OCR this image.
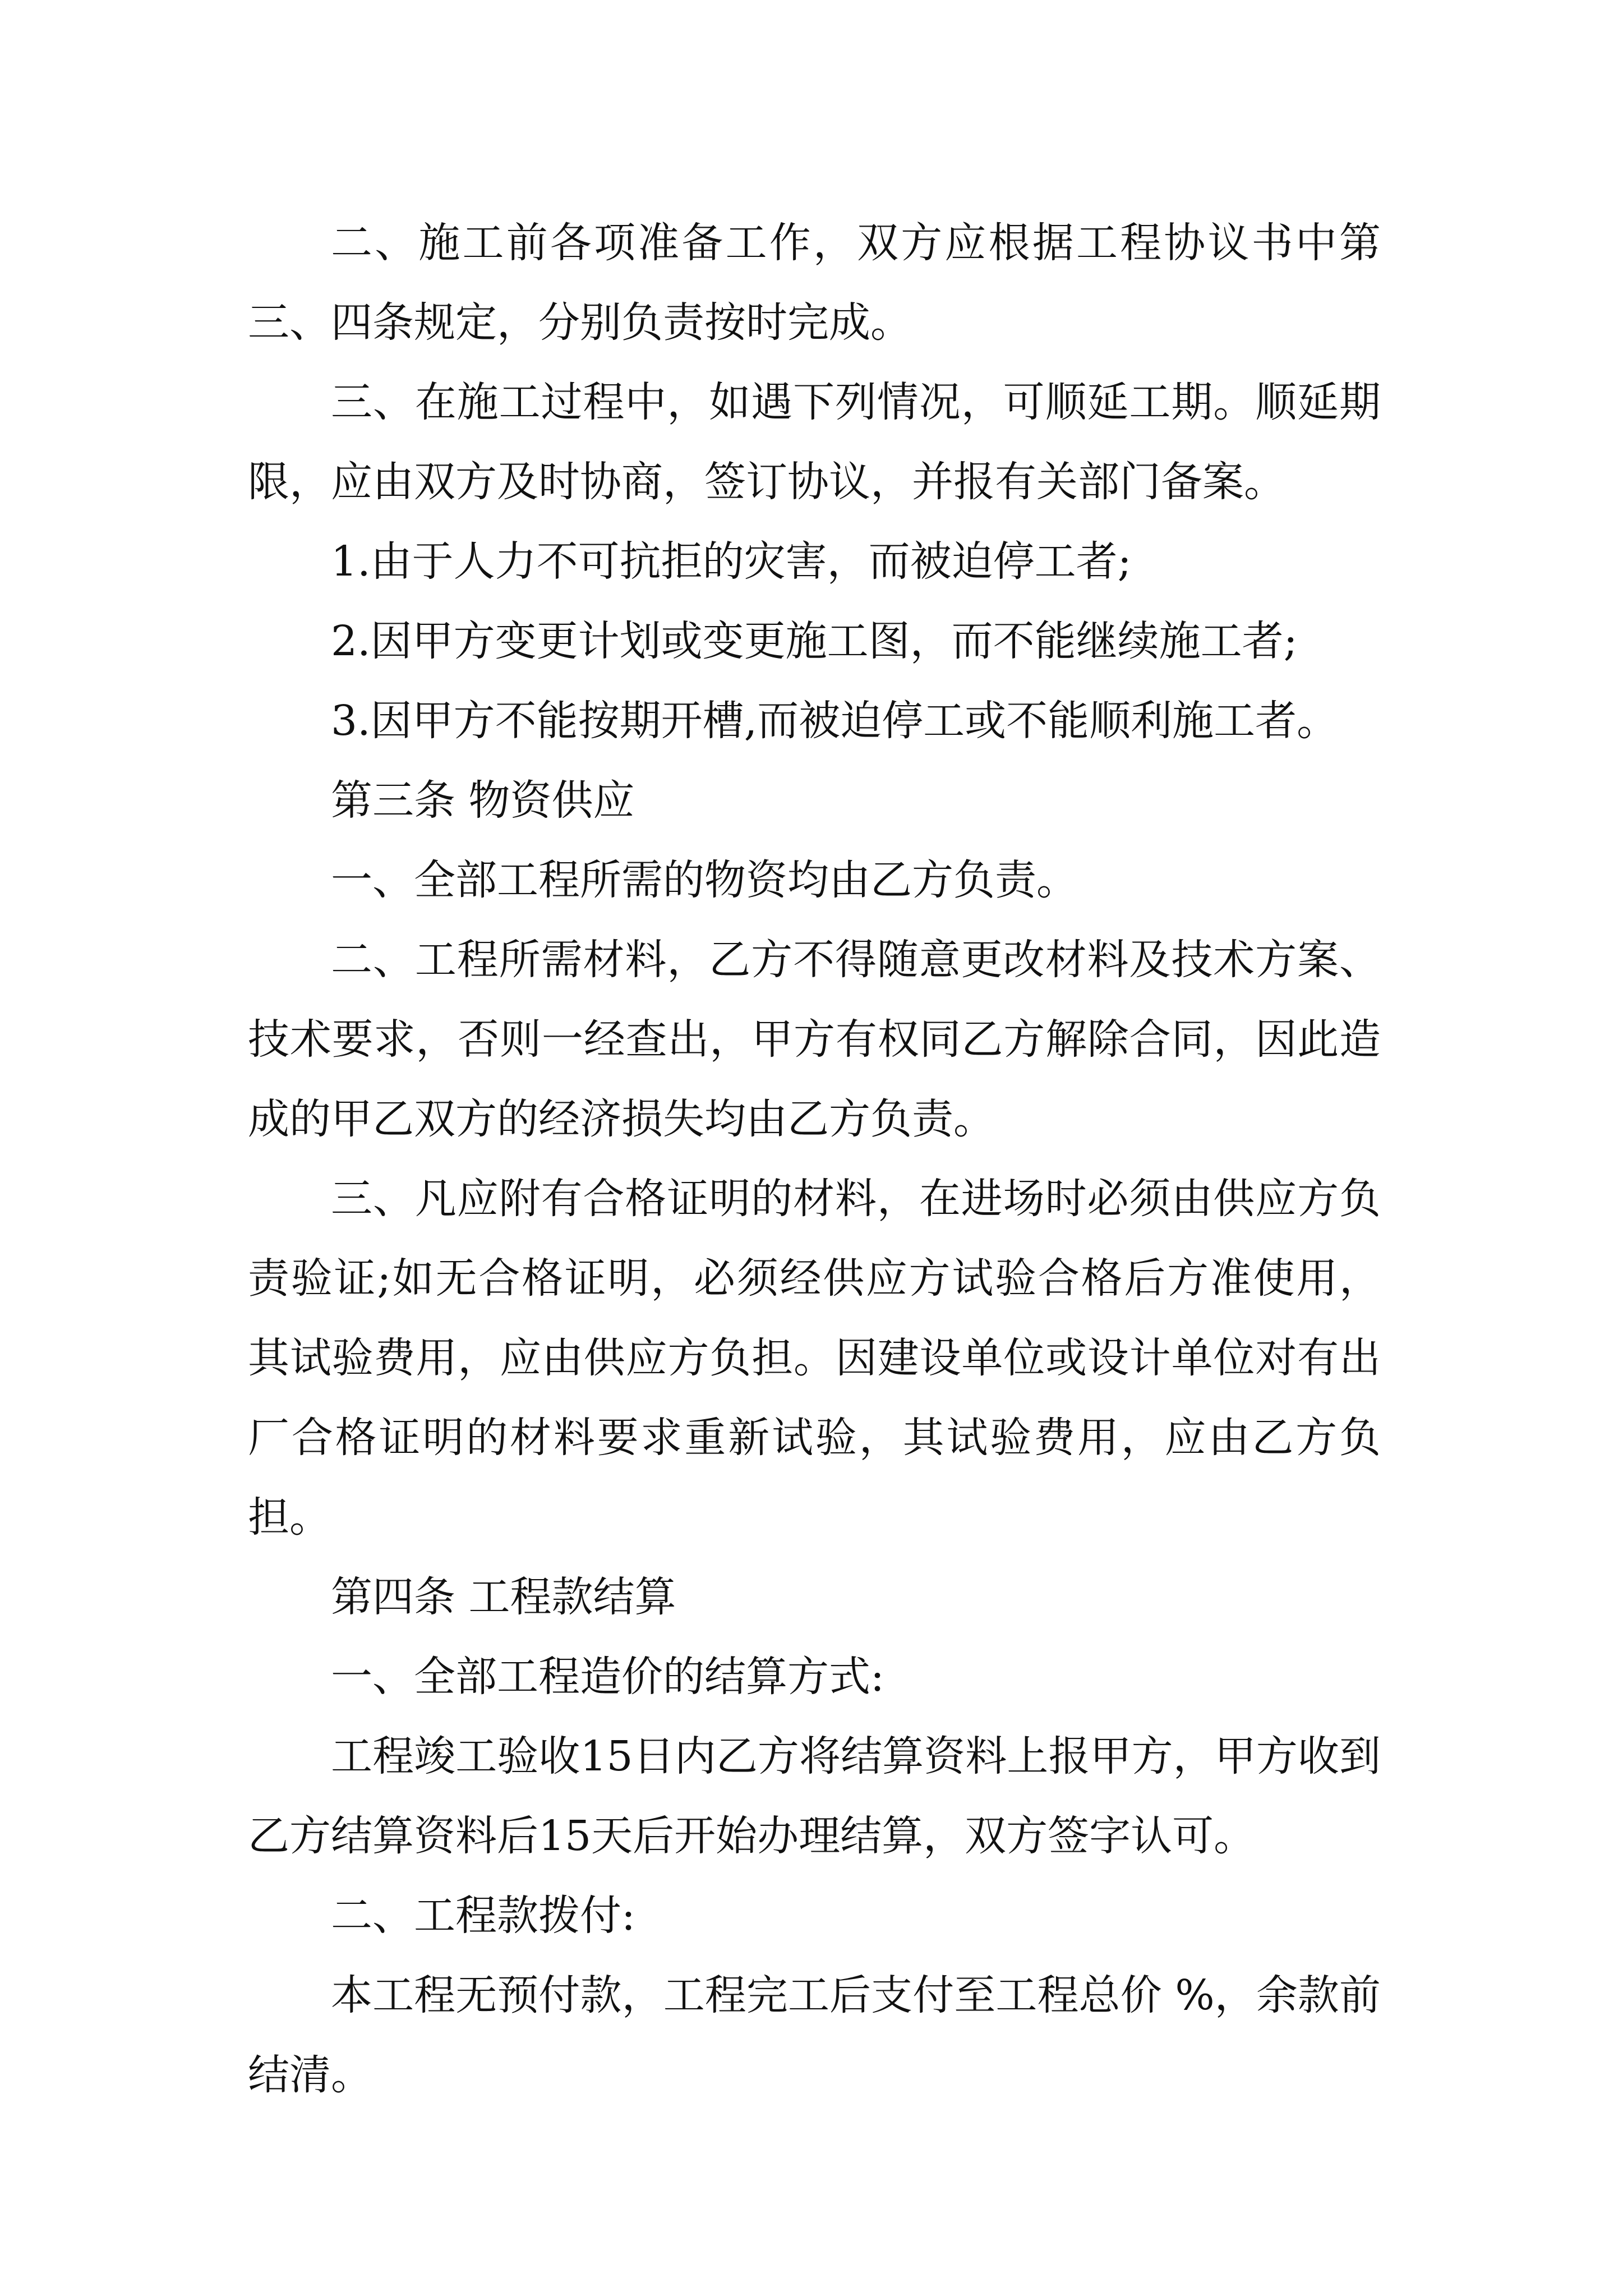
二、施工前各项准备工作，双方应根据工程协议书中第三、四条规定，分别负责按时完成。

三、在施工过程中，如遇下列情况，可顺延工期。顺延期限，应由双方及时协商，签订协议，并报有关部门备案。

1.由于人力不可抗拒的灾害，而被迫停工者;

2.因甲方变更计划或变更施工图，而不能继续施工者;

3.因甲方不能按期开槽,而被迫停工或不能顺利施工者。

第三条 物资供应

一、全部工程所需的物资均由乙方负责。

二、工程所需材料，乙方不得随意更改材料及技术方案、技术要求，否则一经查出，甲方有权同乙方解除合同，因此造成的甲乙双方的经济损失均由乙方负责。

三、凡应附有合格证明的材料，在进场时必须由供应方负责验证;如无合格证明，必须经供应方试验合格后方准使用，其试验费用，应由供应方负担。因建设单位或设计单位对有出厂合格证明的材料要求重新试验，其试验费用，应由乙方负担。

第四条 工程款结算

一、全部工程造价的结算方式:

工程竣工验收15日内乙方将结算资料上报甲方，甲方收到乙方结算资料后15天后开始办理结算，双方签字认可。

二、工程款拨付:

本工程无预付款，工程完工后支付至工程总价 %，余款前结清。
